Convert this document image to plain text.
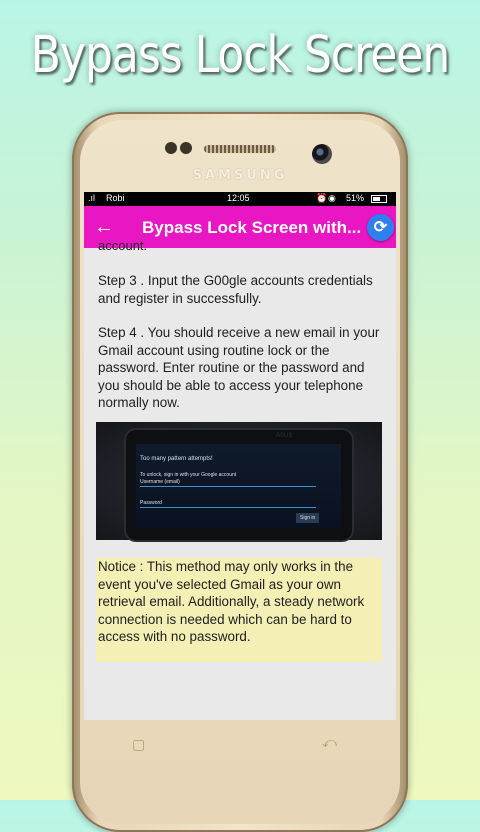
Bypass Lock Screen
SAMSUNG
.ıl Robi	12:05	⏰ ◉ 51%
← Bypass Lock Screen with... ⟳
account.
Step 3 . Input the G00gle accounts credentials and register in successfully.
Step 4 . You should receive a new email in your Gmail account using routine lock or the password. Enter routine or the password and you should be able to access your telephone normally now.
ASUS
Too many pattern attempts!
To unlock, sign in with your Google account
Username (email)
Password
Sign in
Notice : This method may only works in the event you've selected Gmail as your own retrieval email. Additionally, a steady network connection is needed which can be hard to access with no password.
▢	⤺
